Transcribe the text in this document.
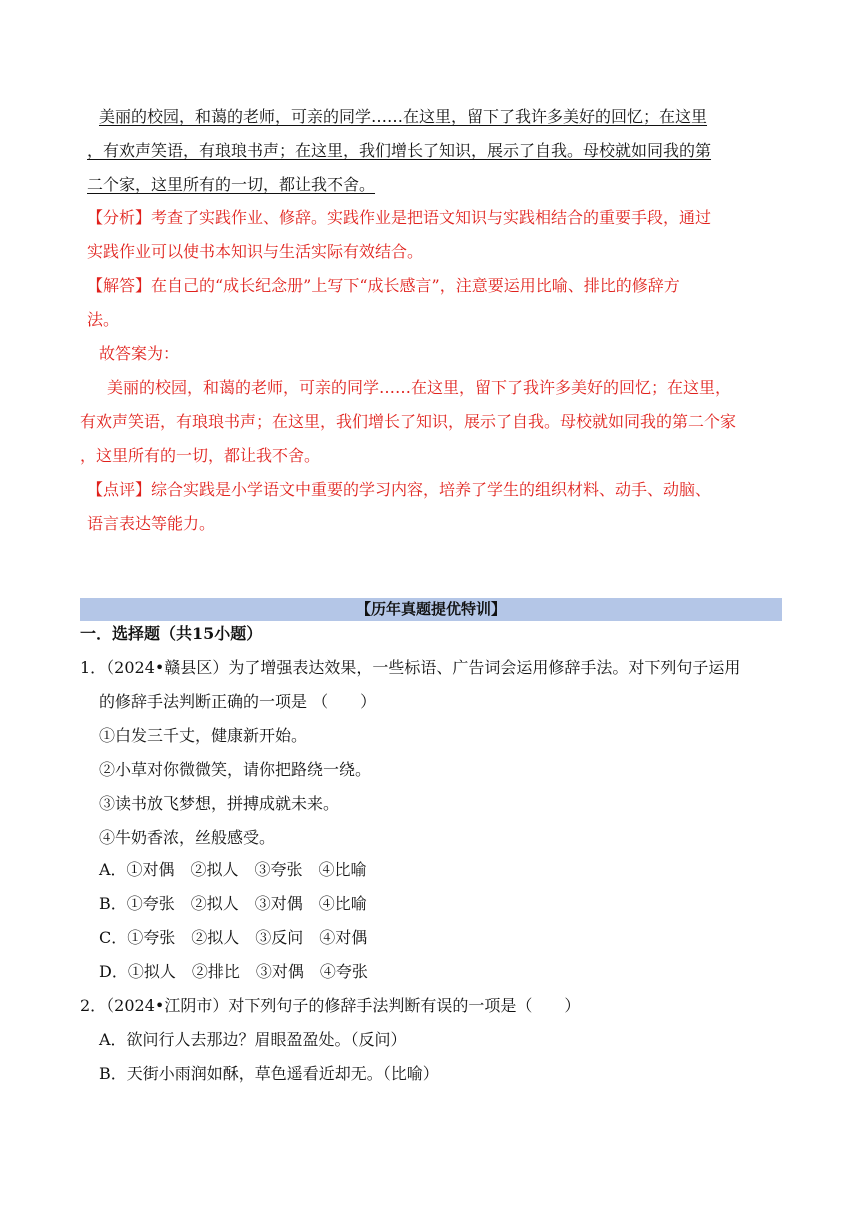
美丽的校园，和蔼的老师，可亲的同学……在这里，留下了我许多美好的回忆；在这里
，有欢声笑语，有琅琅书声；在这里，我们增长了知识，展示了自我。母校就如同我的第
二个家，这里所有的一切，都让我不舍。
【分析】考查了实践作业、修辞。实践作业是把语文知识与实践相结合的重要手段，通过
实践作业可以使书本知识与生活实际有效结合。
【解答】在自己的“成长纪念册”上写下“成长感言”，注意要运用比喻、排比的修辞方
法。
故答案为：
美丽的校园，和蔼的老师，可亲的同学……在这里，留下了我许多美好的回忆；在这里，
有欢声笑语，有琅琅书声；在这里，我们增长了知识，展示了自我。母校就如同我的第二个家
，这里所有的一切，都让我不舍。
【点评】综合实践是小学语文中重要的学习内容，培养了学生的组织材料、动手、动脑、
语言表达等能力。
【历年真题提优特训】
一．选择题（共15小题）
1．（2024•赣县区）为了增强表达效果，一些标语、广告词会运用修辞手法。对下列句子运用
的修辞手法判断正确的一项是 （　　）
①白发三千丈，健康新开始。
②小草对你微微笑，请你把路绕一绕。
③读书放飞梦想，拼搏成就未来。
④牛奶香浓，丝般感受。
A．①对偶　②拟人　③夸张　④比喻
B．①夸张　②拟人　③对偶　④比喻
C．①夸张　②拟人　③反问　④对偶
D．①拟人　②排比　③对偶　④夸张
2．（2024•江阴市）对下列句子的修辞手法判断有误的一项是（　　）
A．欲问行人去那边？眉眼盈盈处。（反问）
B．天街小雨润如酥，草色遥看近却无。（比喻）
